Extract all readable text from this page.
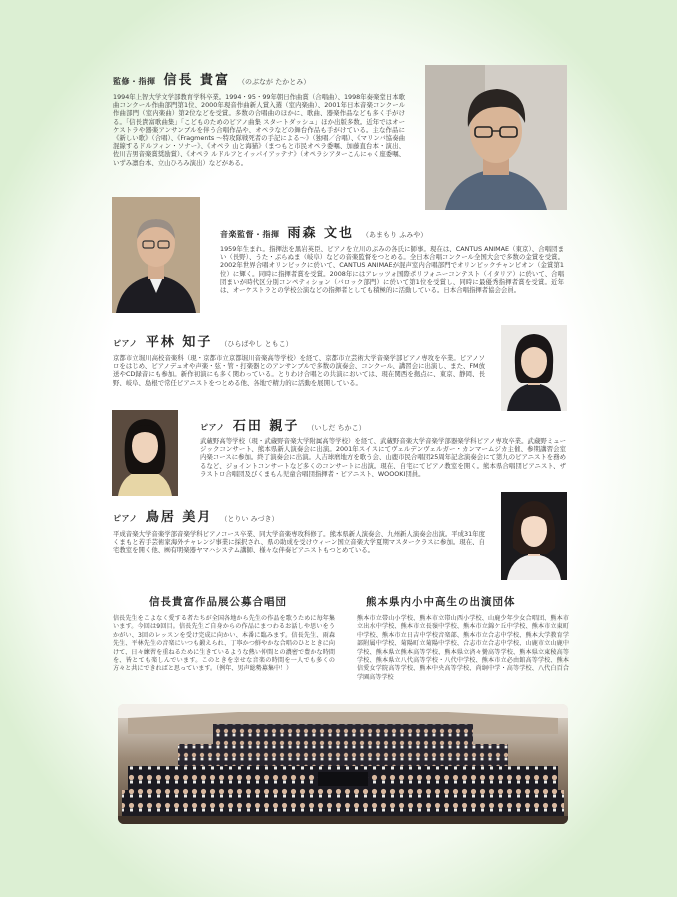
監修・指揮 信長 貴富 （のぶなが たかとみ）
1994年上智大学文学部教育学科卒業。1994・95・99年朝日作曲賞（合唱曲）、1998年奏楽堂日本歌曲コンクール作曲部門第1位、2000年現音作曲新人賞入選（室内楽曲）、2001年日本音楽コンクール作曲部門（室内楽曲）第2位などを受賞。多数の合唱曲のほかに、歌曲、器楽作品なども多く手がける。「信長貴富歌曲集」「こどものためのピアノ曲集 スタートダッシュ」ほか出版多数。近年ではオーケストラや器楽アンサンブルを伴う合唱作品や、オペラなどの舞台作品も手がけている。主な作品に《新しい歌》（合唱）、《Fragments ～特攻隊戦死者の手記による～》（独唱／合唱）、《マリンバ協奏曲 混線するドルフィン・ソナー》、《オペラ 山と海猫》（まつもと市民オペラ委嘱、加藤直台本・演出、佐川吉男音楽賞奨励賞）、《オペラ ルドルフとイッパイアッテナ》（オペラシアターこんにゃく座委嘱、いずみ凛台本、立山ひろみ演出）などがある。
音楽監督・指揮 雨森 文也 （あまもり ふみや）
1959年生まれ。指揮法を黒岩英臣、ピアノを立川のぶみの各氏に師事。現在は、CANTUS ANIMAE（東京）、合唱団まい（長野）、うた・ぷらぬま（岐阜）などの音楽監督をつとめる。全日本合唱コンクール全国大会で多数の金賞を受賞。2002年世界合唱オリンピックに於いて、CANTUS ANIMAEが混声室内合唱部門でオリンピックチャンピオン（金賞第1位）に輝く。同時に指揮者賞を受賞。2008年にはアレッツォ国際ポリフォニーコンテスト（イタリア）に於いて、合唱団まいが時代区分別コンペティション（バロック部門）に於いて第1位を受賞し、同時に最優秀指揮者賞を受賞。近年は、オーケストラとの学校公演などの指揮者としても積極的に活動している。日本合唱指揮者協会会員。
ピアノ 平林 知子 （ひらばやし ともこ）
京都市立堀川高校音楽科（現・京都市立京都堀川音楽高等学校）を経て、京都市立芸術大学音楽学部ピアノ専攻を卒業。ピアノソロをはじめ、ピアノデュオや声楽・弦・管・打楽器とのアンサンブルで多数の演奏会、コンクール、講習会に出演し、また、FM放送やCD録音にも参加。新作初演にも多く関わっている。とりわけ合唱との共演においては、現在関西を拠点に、東京、静岡、長野、岐阜、島根で常任ピアニストをつとめる他、各地で精力的に活動を展開している。
ピアノ 石田 親子 （いしだ ちかこ）
武蔵野高等学校（現・武蔵野音楽大学附属高等学校）を経て、武蔵野音楽大学音楽学部器楽学科ピアノ専攻卒業。武蔵野ミュージックコンサート、熊本県新人演奏会に出演。2001年スイスにてヴェルデンヴェルガー・カンマームジカ主催、参期講習会室内楽コースに参加。終了演奏会に出演。人吉球磨地方を歌う会、山鹿市民合唱団25周年記念演奏会にて第九のピアニストを務めるなど、ジョイントコンサートなど多くのコンサートに出演。現在、自宅にてピアノ教室を開く。熊本県合唱団ピアニスト、ザラストロ合唱団及びくまもん児童合唱団指揮者・ピアニスト、WOOOKI団員。
ピアノ 鳥居 美月 （とりい みづき）
平成音楽大学音楽学部音楽学科ピアノコース卒業、同大学音楽専攻科修了。熊本県新人演奏会、九州新人演奏会出演。平成31年度くまもと若手芸術家海外チャレンジ事業に採択され、県の助成を受けウィーン国立音楽大学夏期マスタークラスに参加。現在、自宅教室を開く他、㈱有明楽器ヤマハシステム講師、様々な伴奏ピアニストもつとめている。
信長貴富作品展公募合唱団
信長先生をこよなく愛する者たちが全国各地から先生の作品を歌うために毎年集います。今回は9回目。信長先生ご自身からの作品にまつわるお話しや思いをうかがい、3回のレッスンを受け完成に向かい、本番に臨みます。信長先生、雨森先生、平林先生の音楽にいつも鍛えられ、丁寧かつ鮮やかな合唱のひとときに向けて、日々練習を重ねるために生きているような熱い仲間との濃密で豊かな時間を、皆とても楽しんでいます。このときを幸せな音楽の時間を一人でも多くの方々と共にできればと思っています。（例年、男声総勢募集中！）
熊本県内小中高生の出演団体
熊本市立帯山小学校、熊本市立帯山西小学校、山鹿少年少女合唱団、熊本市立出水中学校、熊本市立長嶺中学校、熊本市立錦ケ丘中学校、熊本市立東町中学校、熊本市立日吉中学校音楽部、熊本市立合志中学校、熊本大学教育学部附属中学校、菊陽町立菊陽中学校、合志市立合志中学校、山鹿市立山鹿中学校、熊本県立熊本高等学校、熊本県立済々黌高等学校、熊本県立東稜高等学校、熊本県立八代高等学校・八代中学校、熊本市立必由館高等学校、熊本信愛女学院高等学校、熊本中央高等学校、尚絅中学・高等学校、八代白百合学園高等学校
